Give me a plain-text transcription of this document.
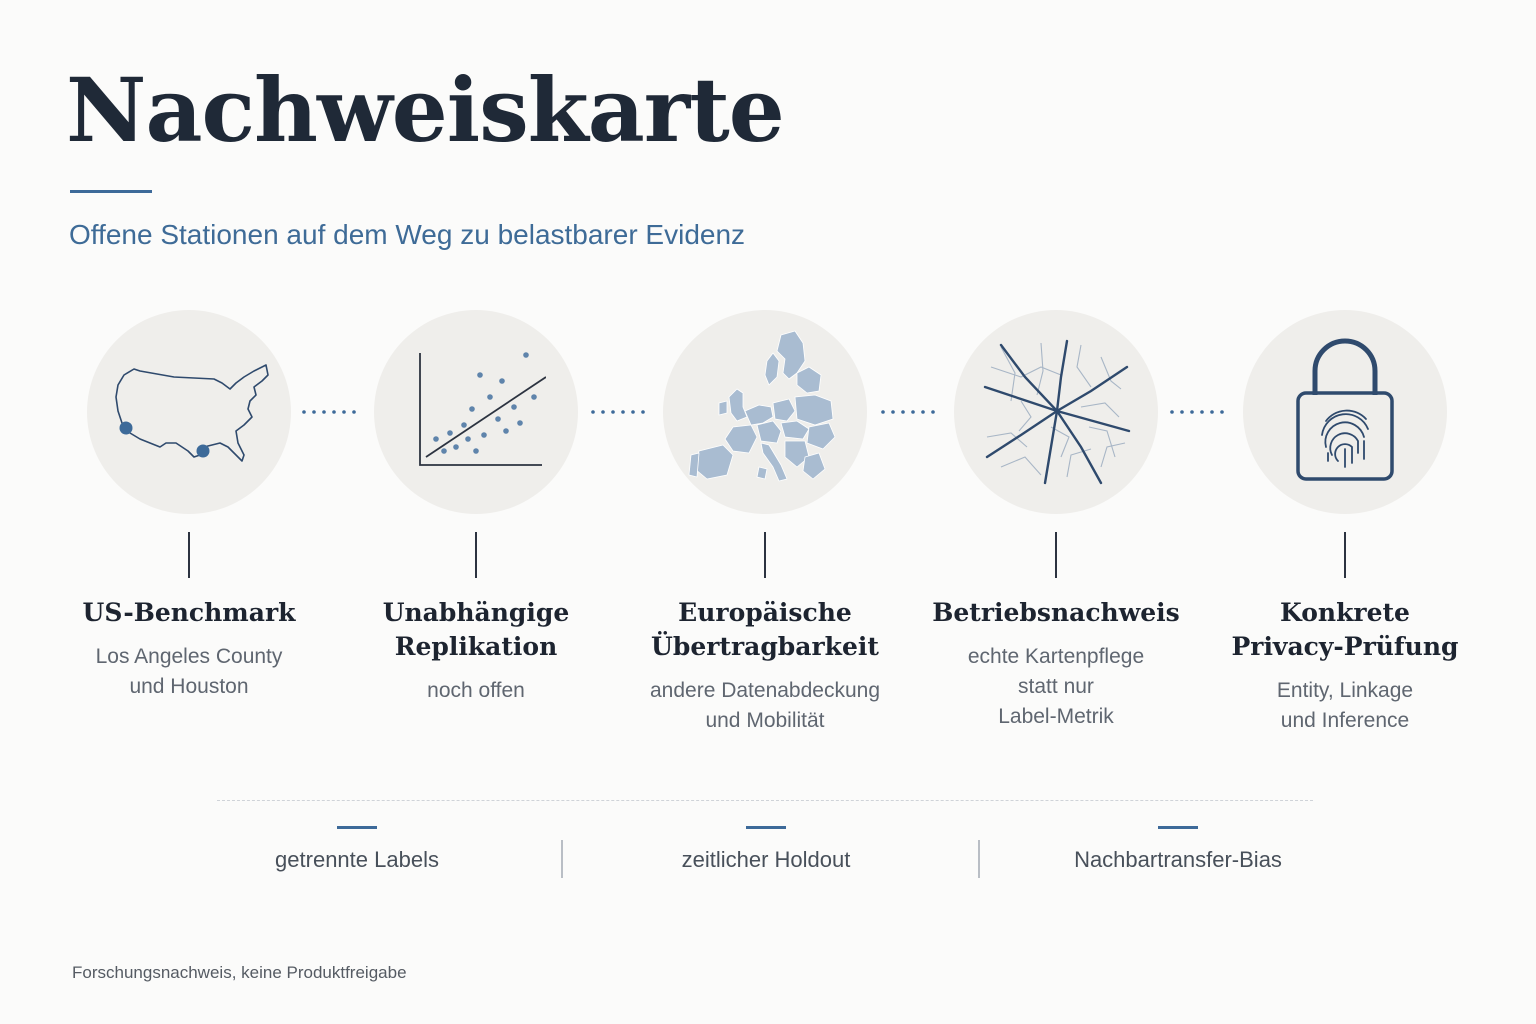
Nachweiskarte
Offene Stationen auf dem Weg zu belastbarer Evidenz
US-Benchmark
Los Angeles County
und Houston
Unabhängige
Replikation
noch offen
Europäische
Übertragbarkeit
andere Datenabdeckung
und Mobilität
Betriebsnachweis
echte Kartenpflege
statt nur
Label-Metrik
Konkrete
Privacy-Prüfung
Entity, Linkage
und Inference
getrennte Labels	zeitlicher Holdout	Nachbartransfer-Bias
Forschungsnachweis, keine Produktfreigabe
